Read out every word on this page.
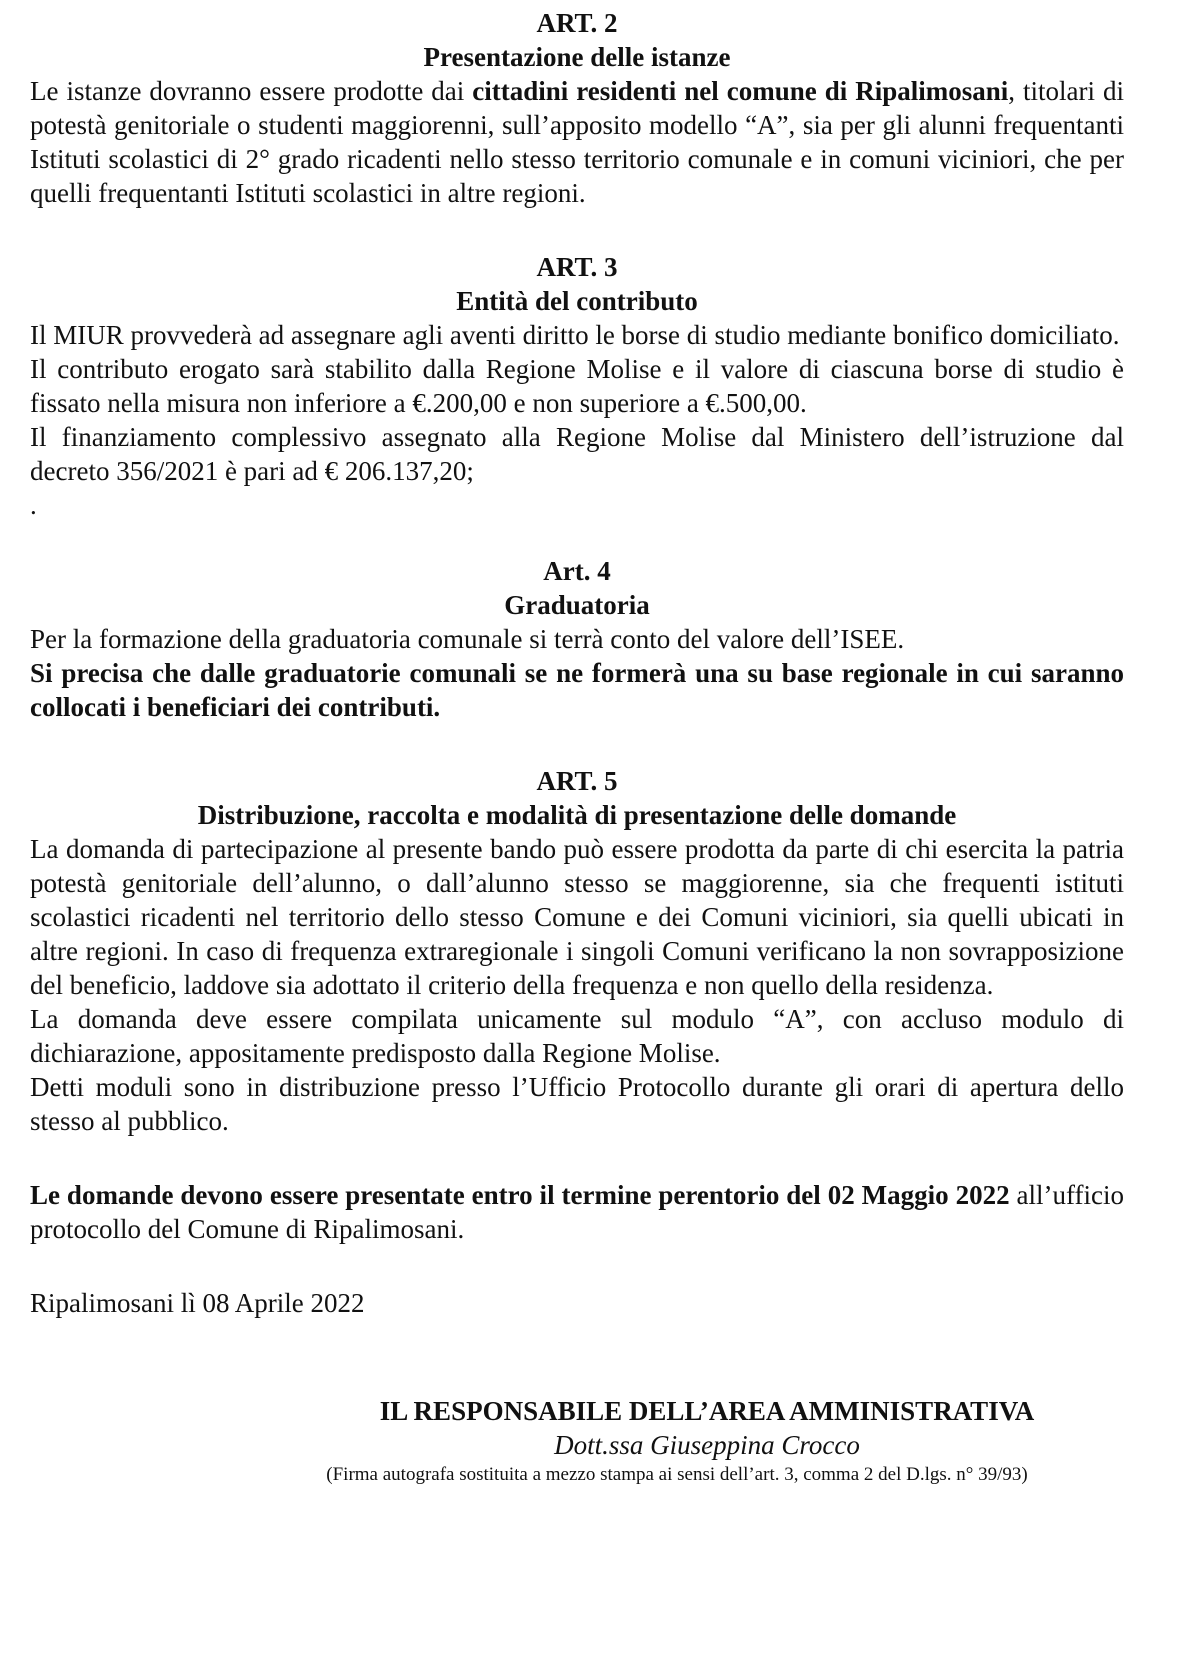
ART. 2

Presentazione delle istanze

Le istanze dovranno essere prodotte dai cittadini residenti nel comune di Ripalimosani, titolari di potestà genitoriale o studenti maggiorenni, sull’apposito modello “A”, sia per gli alunni frequentanti Istituti scolastici di 2° grado ricadenti nello stesso territorio comunale e in comuni viciniori, che per quelli frequentanti Istituti scolastici in altre regioni.

ART. 3

Entità del contributo

Il MIUR provvederà ad assegnare agli aventi diritto le borse di studio mediante bonifico domiciliato.

Il contributo erogato sarà stabilito dalla Regione Molise e il valore di ciascuna borse di studio è fissato nella misura non inferiore a €.200,00 e non superiore a €.500,00.

Il finanziamento complessivo assegnato alla Regione Molise dal Ministero dell’istruzione dal decreto 356/2021 è pari ad € 206.137,20;

.

Art. 4

Graduatoria

Per la formazione della graduatoria comunale si terrà conto del valore dell’ISEE.

Si precisa che dalle graduatorie comunali se ne formerà una su base regionale in cui saranno collocati i beneficiari dei contributi.

ART. 5

Distribuzione, raccolta e modalità di presentazione delle domande

La domanda di partecipazione al presente bando può essere prodotta da parte di chi esercita la patria potestà genitoriale dell’alunno, o dall’alunno stesso se maggiorenne, sia che frequenti istituti scolastici ricadenti nel territorio dello stesso Comune e dei Comuni viciniori, sia quelli ubicati in altre regioni. In caso di frequenza extraregionale i singoli Comuni verificano la non sovrapposizione del beneficio, laddove sia adottato il criterio della frequenza e non quello della residenza.

La domanda deve essere compilata unicamente sul modulo “A”, con accluso modulo di dichiarazione, appositamente predisposto dalla Regione Molise.

Detti moduli sono in distribuzione presso l’Ufficio Protocollo durante gli orari di apertura dello stesso al pubblico.

Le domande devono essere presentate entro il termine perentorio del 02 Maggio 2022 all’ufficio protocollo del Comune di Ripalimosani.

Ripalimosani lì 08 Aprile 2022

IL RESPONSABILE DELL’AREA AMMINISTRATIVA

Dott.ssa Giuseppina Crocco

(Firma autografa sostituita a mezzo stampa ai sensi dell’art. 3, comma 2 del D.lgs. n° 39/93)
